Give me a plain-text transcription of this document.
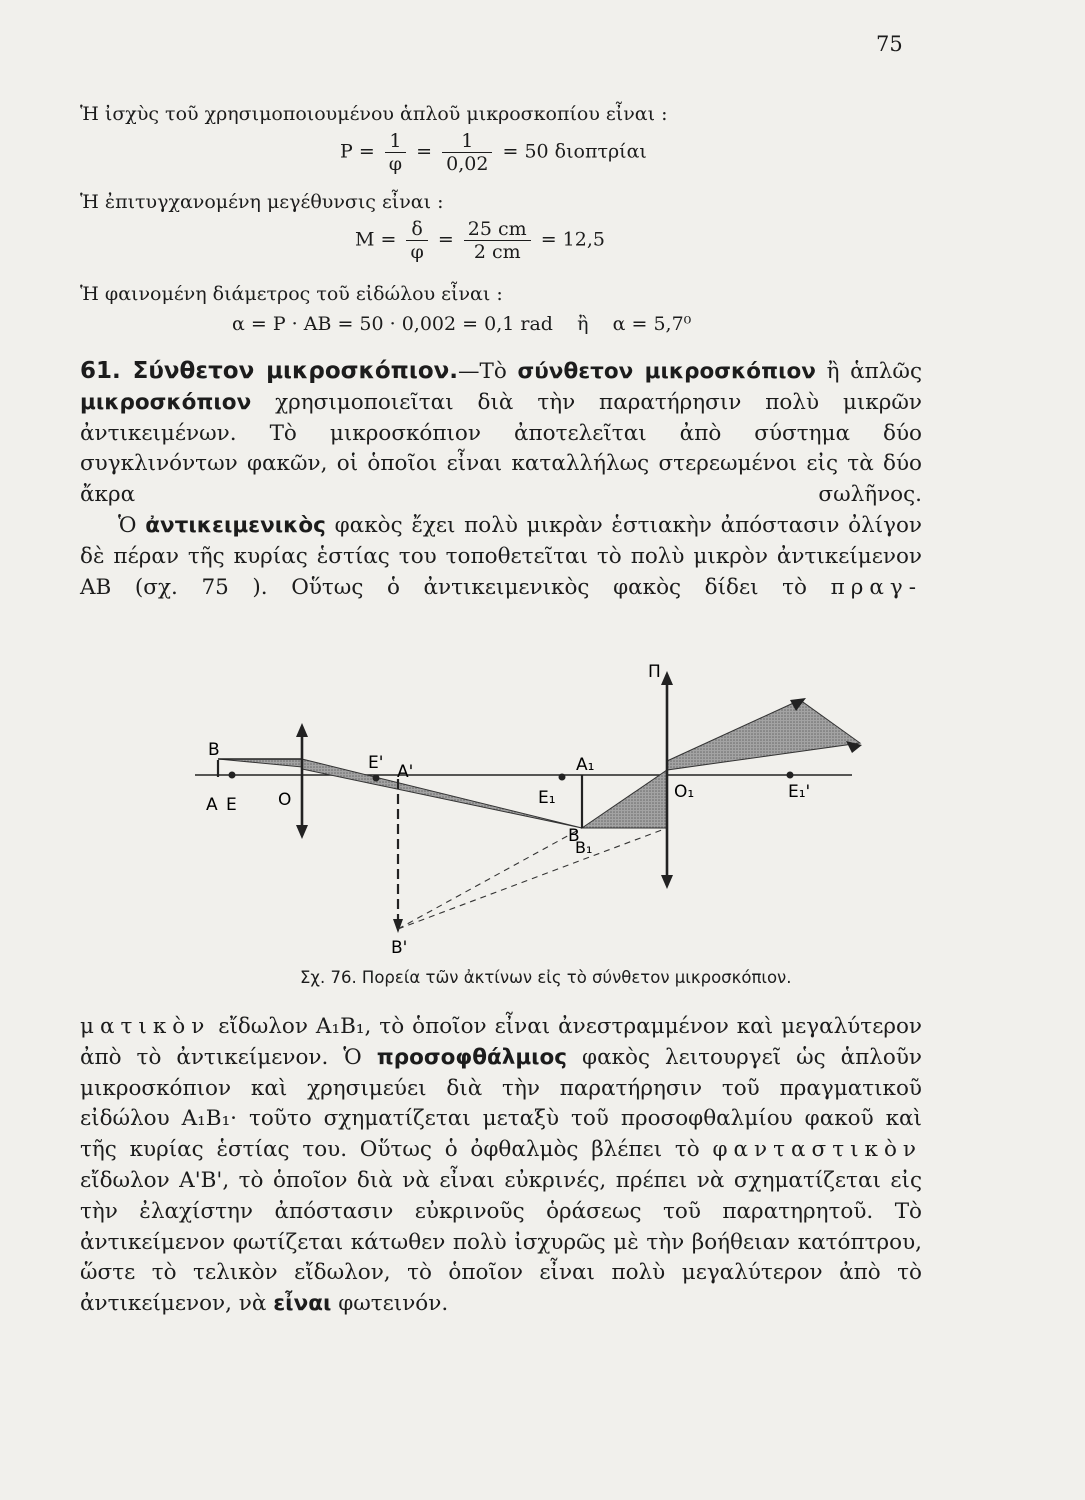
75
Ἡ ἰσχὺς τοῦ χρησιμοποιουμένου ἁπλοῦ μικροσκοπίου εἶναι :
$P = \frac{1}{\varphi} = \frac{1}{0,02} = 50$ διοπτρίαι
Ἡ ἐπιτυγχανομένη μεγέθυνσις εἶναι :
$M = \frac{\delta}{\varphi} = \frac{25 cm}{2 cm} = 12,5$
Ἡ φαινομένη διάμετρος τοῦ εἰδώλου εἶναι :
α = P · AB = 50 · 0,002 = 0,1 rad    ἢ    α = 5,7⁰

61. Σύνθετον μικροσκόπιον.—Τὸ σύνθετον μικροσκόπιον ἢ ἁπλῶς μικροσκόπιον χρησιμοποιεῖται διὰ τὴν παρατήρησιν πολὺ μικρῶν ἀντικειμένων. Τὸ μικροσκόπιον ἀποτελεῖται ἀπὸ σύστημα δύο συγκλινόντων φακῶν, οἱ ὁποῖοι εἶναι καταλλήλως στερεωμένοι εἰς τὰ δύο ἄκρα σωλῆνος.

Ὁ ἀντικειμενικὸς φακὸς ἔχει πολὺ μικρὰν ἑστιακὴν ἀπόστασιν ὀλίγον δὲ πέραν τῆς κυρίας ἑστίας του τοποθετεῖται τὸ πολὺ μικρὸν ἀντικείμενον AB (σχ. 75 ). Οὕτως ὁ ἀντικειμενικὸς φακὸς δίδει τὸ πραγ-

B
A E O
E' A'	A₁
E₁
B
B₁
Π
O₁	E₁'
B'
Σχ. 76. Πορεία τῶν ἀκτίνων εἰς τὸ σύνθετον μικροσκόπιον.

ματικὸν εἴδωλον A₁B₁, τὸ ὁποῖον εἶναι ἀνεστραμμένον καὶ μεγαλύτερον ἀπὸ τὸ ἀντικείμενον. Ὁ προσοφθάλμιος φακὸς λειτουργεῖ ὡς ἁπλοῦν μικροσκόπιον καὶ χρησιμεύει διὰ τὴν παρατήρησιν τοῦ πραγματικοῦ εἰδώλου A₁B₁· τοῦτο σχηματίζεται μεταξὺ τοῦ προσοφθαλμίου φακοῦ καὶ τῆς κυρίας ἑστίας του. Οὕτως ὁ ὀφθαλμὸς βλέπει τὸ φανταστικὸν εἴδωλον A'B', τὸ ὁποῖον διὰ νὰ εἶναι εὐκρινές, πρέπει νὰ σχηματίζεται εἰς τὴν ἐλαχίστην ἀπόστασιν εὐκρινοῦς ὁράσεως τοῦ παρατηρητοῦ. Τὸ ἀντικείμενον φωτίζεται κάτωθεν πολὺ ἰσχυρῶς μὲ τὴν βοήθειαν κατόπτρου, ὥστε τὸ τελικὸν εἴδωλον, τὸ ὁποῖον εἶναι πολὺ μεγαλύτερον ἀπὸ τὸ ἀντικείμενον, νὰ εἶναι φωτεινόν.
